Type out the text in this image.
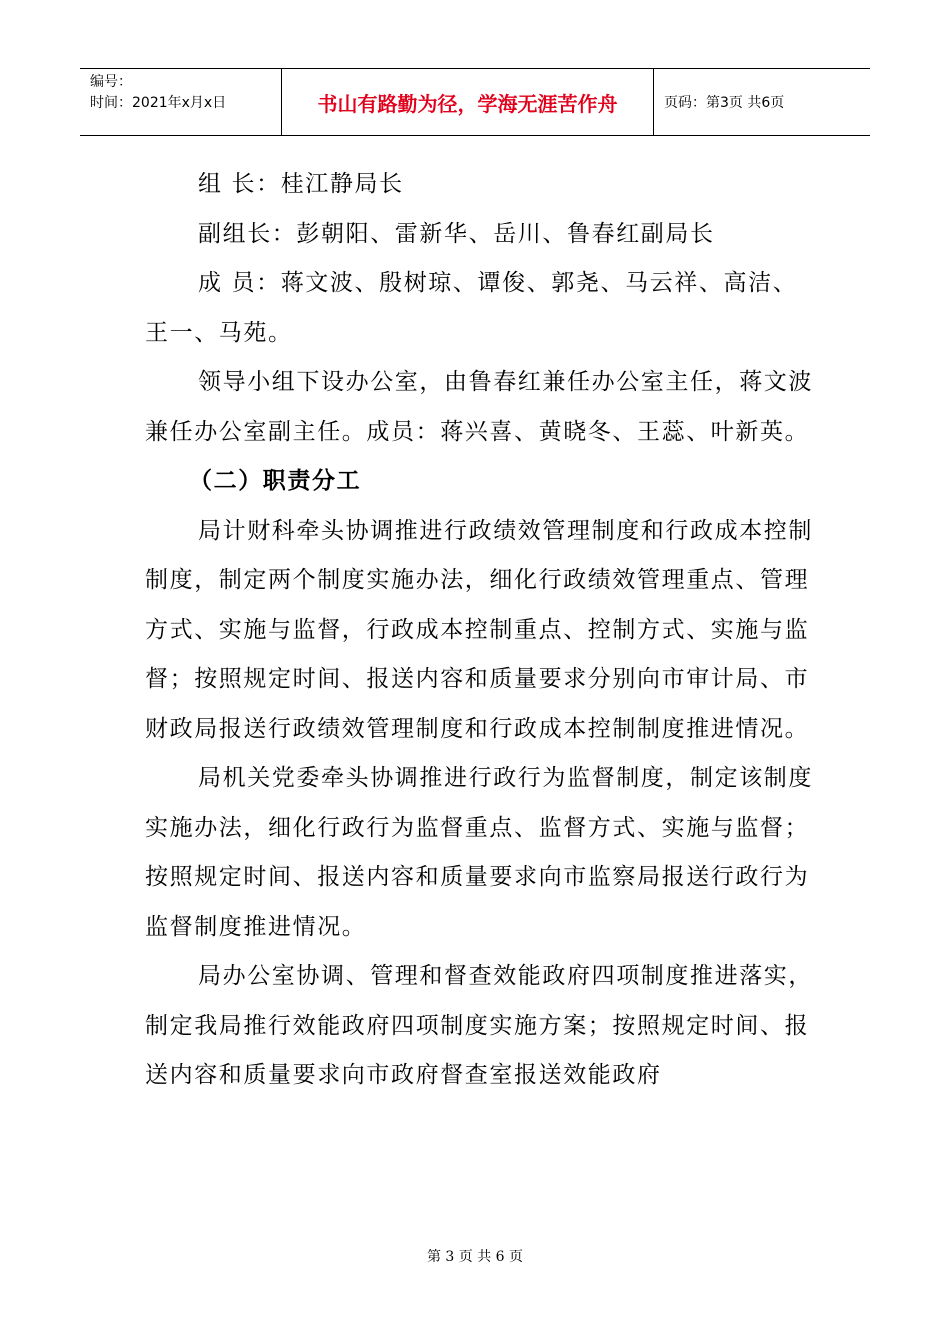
编号：
时间：2021年x月x日	书山有路勤为径，学海无涯苦作舟	页码：第3页 共6页

组 长：桂江静局长

副组长：彭朝阳、雷新华、岳川、鲁春红副局长

成 员：蒋文波、殷树琼、谭俊、郭尧、马云祥、高洁、

王一、马苑。

领导小组下设办公室，由鲁春红兼任办公室主任，蒋文波兼任办公室副主任。成员：蒋兴喜、黄晓冬、王蕊、叶新英。

（二）职责分工

局计财科牵头协调推进行政绩效管理制度和行政成本控制制度，制定两个制度实施办法，细化行政绩效管理重点、管理方式、实施与监督，行政成本控制重点、控制方式、实施与监督；按照规定时间、报送内容和质量要求分别向市审计局、市财政局报送行政绩效管理制度和行政成本控制制度推进情况。

局机关党委牵头协调推进行政行为监督制度，制定该制度实施办法，细化行政行为监督重点、监督方式、实施与监督；按照规定时间、报送内容和质量要求向市监察局报送行政行为监督制度推进情况。

局办公室协调、管理和督查效能政府四项制度推进落实，制定我局推行效能政府四项制度实施方案；按照规定时间、报送内容和质量要求向市政府督查室报送效能政府

第 3 页 共 6 页
